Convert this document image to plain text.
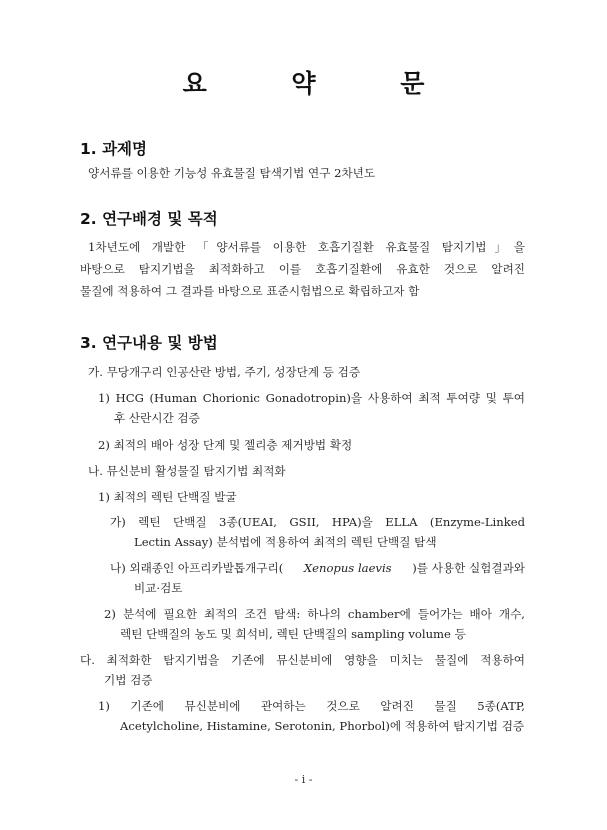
요 약 문
1. 과제명
양서류를 이용한 기능성 유효물질 탐색기법 연구 2차년도
2. 연구배경 및 목적
1차년도에 개발한 「양서류를 이용한 호흡기질환 유효물질 탐지기법」을
바탕으로 탐지기법을 최적화하고 이를 호흡기질환에 유효한 것으로 알려진
물질에 적용하여 그 결과를 바탕으로 표준시험법으로 확립하고자 함
3. 연구내용 및 방법
가. 무당개구리 인공산란 방법, 주기, 성장단계 등 검증
1) HCG (Human Chorionic Gonadotropin)을 사용하여 최적 투여량 및 투여
후 산란시간 검증
2) 최적의 배아 성장 단계 및 젤리층 제거방법 확정
나. 뮤신분비 활성물질 탐지기법 최적화
1) 최적의 렉틴 단백질 발굴
가) 렉틴 단백질 3종(UEAI, GSII, HPA)을 ELLA (Enzyme-Linked
Lectin Assay) 분석법에 적용하여 최적의 렉틴 단백질 탐색
나) 외래종인 아프리카발톱개구리( Xenopus laevis )를 사용한 실험결과와
비교·검토
2) 분석에 필요한 최적의 조건 탐색: 하나의 chamber에 들어가는 배아 개수,
렉틴 단백질의 농도 및 희석비, 렉틴 단백질의 sampling volume 등
다. 최적화한 탐지기법을 기존에 뮤신분비에 영향을 미치는 물질에 적용하여
기법 검증
1) 기존에 뮤신분비에 관여하는 것으로 알려진 물질 5종(ATP,
Acetylcholine, Histamine, Serotonin, Phorbol)에 적용하여 탐지기법 검증
- i -
